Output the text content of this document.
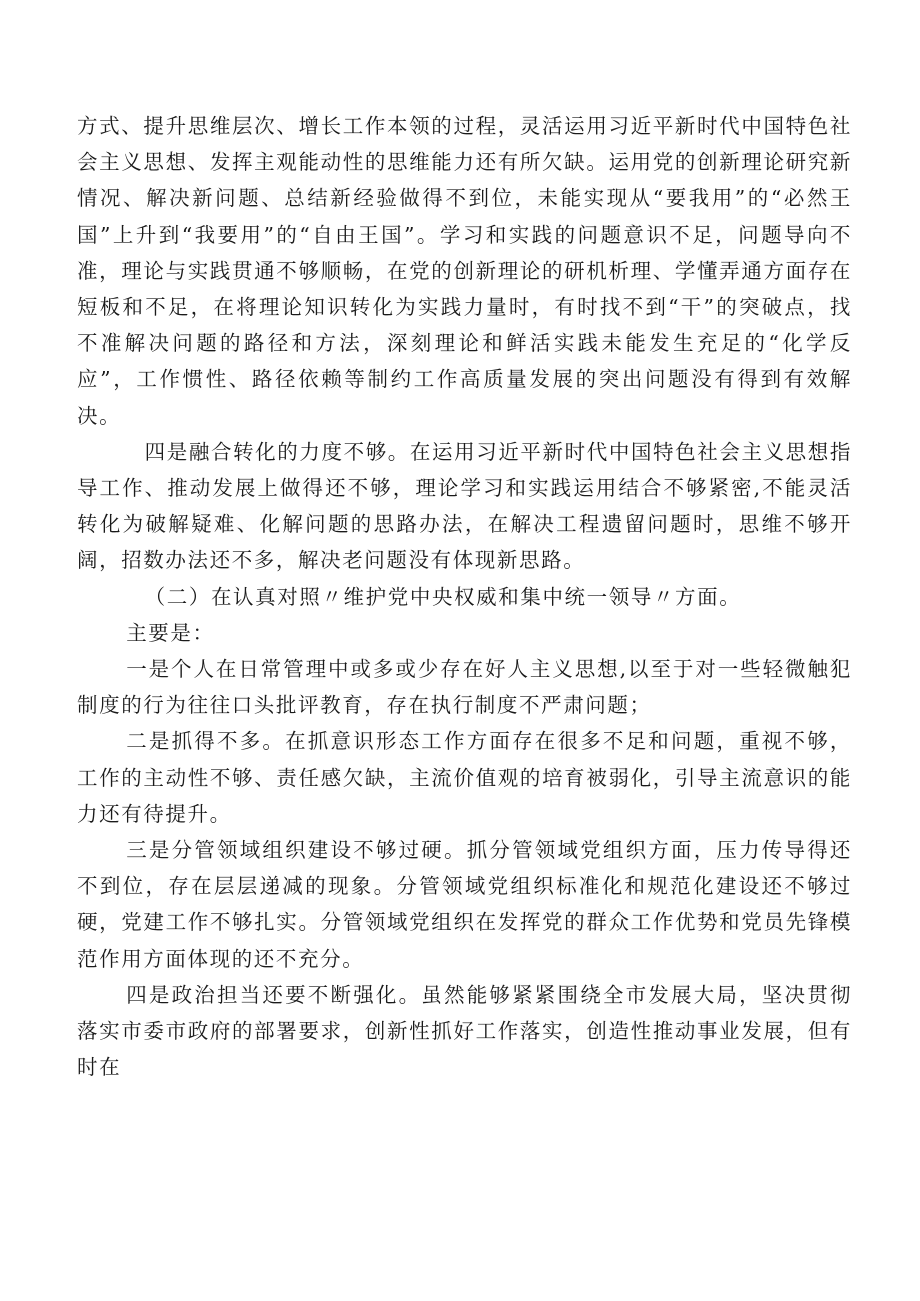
方式、提升思维层次、增长工作本领的过程，灵活运用习近平新时代中国特色社会主义思想、发挥主观能动性的思维能力还有所欠缺。运用党的创新理论研究新情况、解决新问题、总结新经验做得不到位，未能实现从“要我用”的“必然王国”上升到“我要用”的“自由王国”。学习和实践的问题意识不足，问题导向不准，理论与实践贯通不够顺畅，在党的创新理论的研机析理、学懂弄通方面存在短板和不足，在将理论知识转化为实践力量时，有时找不到“干”的突破点，找不准解决问题的路径和方法，深刻理论和鲜活实践未能发生充足的“化学反应”，工作惯性、路径依赖等制约工作高质量发展的突出问题没有得到有效解决。

四是融合转化的力度不够。在运用习近平新时代中国特色社会主义思想指导工作、推动发展上做得还不够，理论学习和实践运用结合不够紧密,不能灵活转化为破解疑难、化解问题的思路办法，在解决工程遗留问题时，思维不够开阔，招数办法还不多，解决老问题没有体现新思路。

（二）在认真对照〃维护党中央权威和集中统一领导〃方面。

主要是：

一是个人在日常管理中或多或少存在好人主义思想,以至于对一些轻微触犯制度的行为往往口头批评教育，存在执行制度不严肃问题；

二是抓得不多。在抓意识形态工作方面存在很多不足和问题，重视不够，工作的主动性不够、责任感欠缺，主流价值观的培育被弱化，引导主流意识的能力还有待提升。

三是分管领域组织建设不够过硬。抓分管领域党组织方面，压力传导得还不到位，存在层层递减的现象。分管领域党组织标准化和规范化建设还不够过硬，党建工作不够扎实。分管领域党组织在发挥党的群众工作优势和党员先锋模范作用方面体现的还不充分。

四是政治担当还要不断强化。虽然能够紧紧围绕全市发展大局，坚决贯彻落实市委市政府的部署要求，创新性抓好工作落实，创造性推动事业发展，但有时在
